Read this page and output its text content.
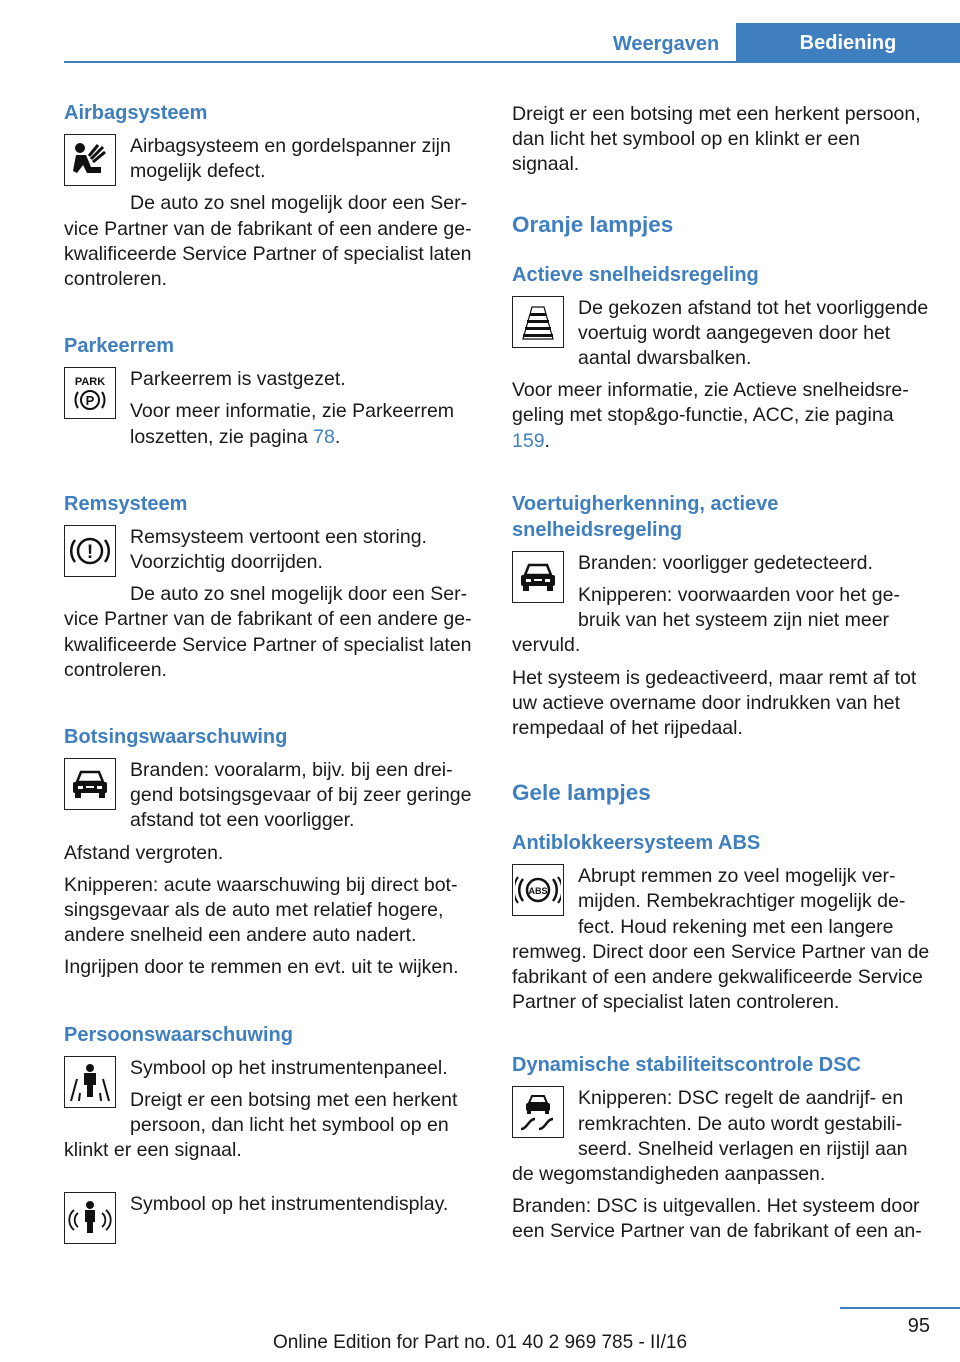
Weergaven	Bediening
Airbagsysteem

Airbagsysteem en gordelspanner zijn mogelijk defect.

De auto zo snel mogelijk door een Service Partner van de fabrikant of een andere gekwalificeerde Service Partner of specialist laten controleren.

Parkeerrem
PARK
P

Parkeerrem is vastgezet.

Voor meer informatie, zie Parkeerrem loszetten, zie pagina 78.

Remsysteem
!

Remsysteem vertoont een storing. Voorzichtig doorrijden.

De auto zo snel mogelijk door een Service Partner van de fabrikant of een andere gekwalificeerde Service Partner of specialist laten controleren.

Botsingswaarschuwing

Branden: vooralarm, bijv. bij een dreigend botsingsgevaar of bij zeer geringe afstand tot een voorligger.

Afstand vergroten.

Knipperen: acute waarschuwing bij direct botsingsgevaar als de auto met relatief hogere, andere snelheid een andere auto nadert.

Ingrijpen door te remmen en evt. uit te wijken.

Persoonswaarschuwing

Symbool op het instrumentenpaneel.

Dreigt er een botsing met een herkent persoon, dan licht het symbool op en klinkt er een signaal.

Symbool op het instrumentendisplay.

Dreigt er een botsing met een herkent persoon, dan licht het symbool op en klinkt er een signaal.

Oranje lampjes
Actieve snelheidsregeling

De gekozen afstand tot het voorliggende voertuig wordt aangegeven door het aantal dwarsbalken.

Voor meer informatie, zie Actieve snelheidsregeling met stop&go-functie, ACC, zie pagina 159.

Voertuigherkenning, actieve snelheidsregeling

Branden: voorligger gedetecteerd.

Knipperen: voorwaarden voor het gebruik van het systeem zijn niet meer vervuld.

Het systeem is gedeactiveerd, maar remt af tot uw actieve overname door indrukken van het rempedaal of het rijpedaal.

Gele lampjes
Antiblokkeersysteem ABS
ABS

Abrupt remmen zo veel mogelijk vermijden. Rembekrachtiger mogelijk defect. Houd rekening met een langere remweg. Direct door een Service Partner van de fabrikant of een andere gekwalificeerde Service Partner of specialist laten controleren.

Dynamische stabiliteitscontrole DSC

Knipperen: DSC regelt de aandrijf- en remkrachten. De auto wordt gestabiliseerd. Snelheid verlagen en rijstijl aan de wegomstandigheden aanpassen.

Branden: DSC is uitgevallen. Het systeem door een Service Partner van de fabrikant of een an-

95
Online Edition for Part no. 01 40 2 969 785 - II/16
